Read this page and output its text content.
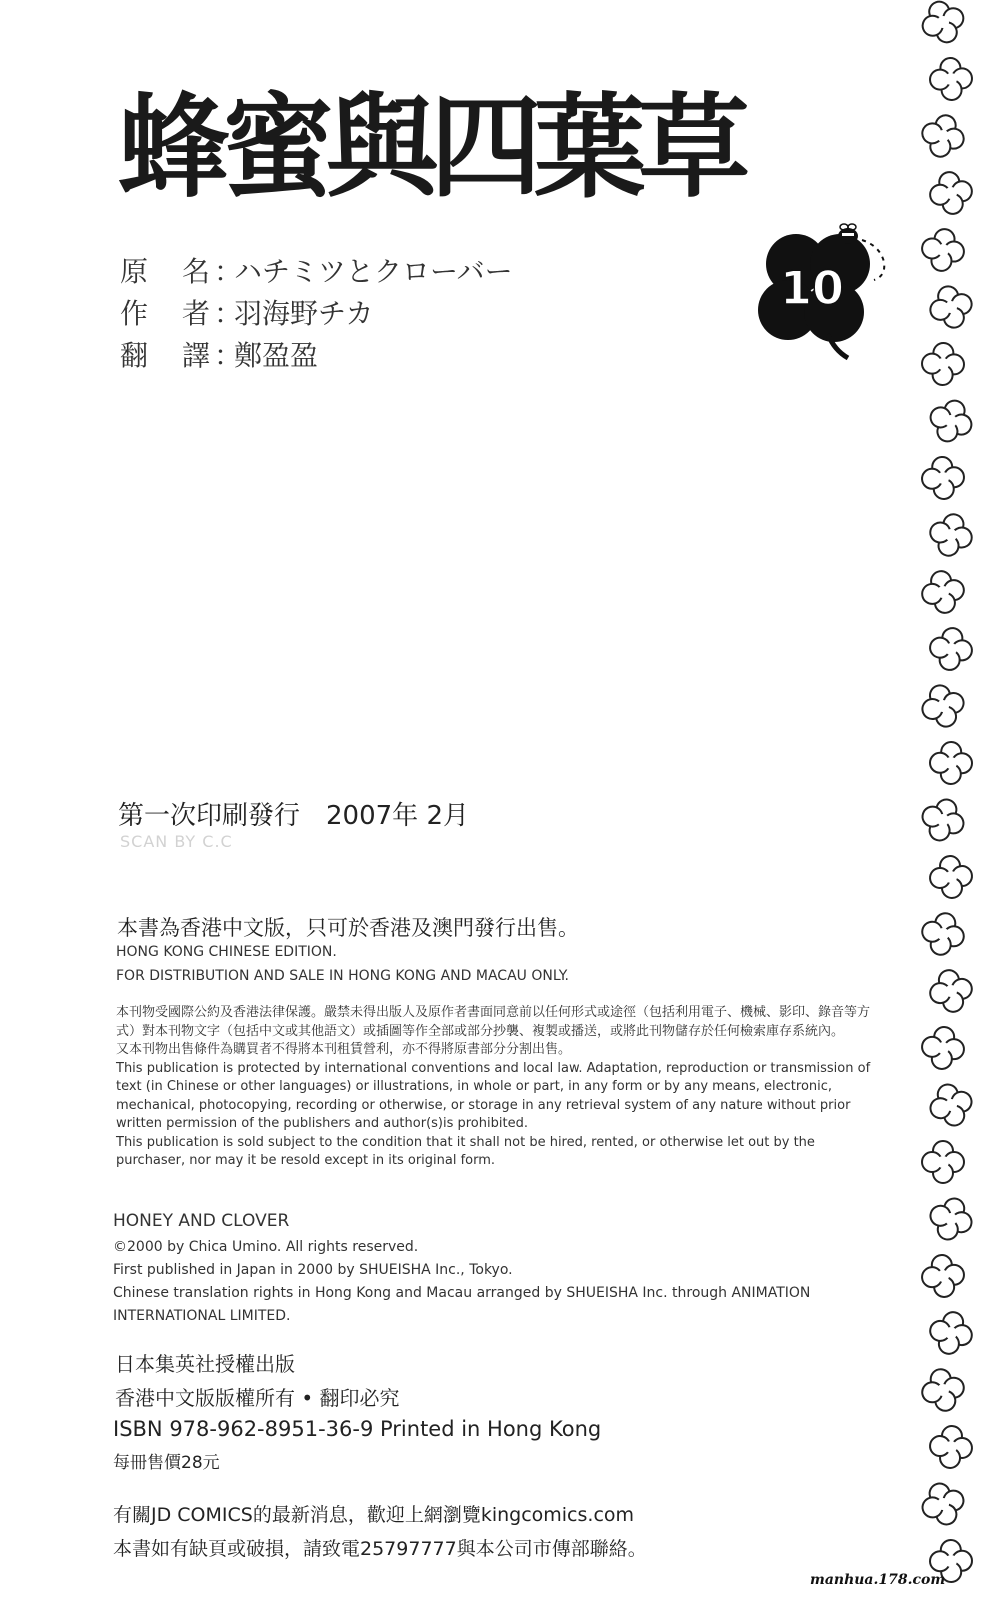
蜂蜜與四葉草
原	名 ：
ハチミツとクローバー
作	者 ：
羽海野チカ
翻	譯 ：
鄭盈盈
10
第一次印刷發行 2007年 2月
SCAN BY C.C
本書為香港中文版，只可於香港及澳門發行出售。
HONG KONG CHINESE EDITION.
FOR DISTRIBUTION AND SALE IN HONG KONG AND MACAU ONLY.

本刊物受國際公約及香港法律保護。嚴禁未得出版人及原作者書面同意前以任何形式或途徑（包括利用電子、機械、影印、錄音等方式）對本刊物文字（包括中文或其他語文）或插圖等作全部或部分抄襲、複製或播送，或將此刊物儲存於任何檢索庫存系統內。

又本刊物出售條件為購買者不得將本刊租賃營利，亦不得將原書部分分割出售。

This publication is protected by international conventions and local law. Adaptation, reproduction or transmission of text (in Chinese or other languages) or illustrations, in whole or part, in any form or by any means, electronic, mechanical, photocopying, recording or otherwise, or storage in any retrieval system of any nature without prior written permission of the publishers and author(s)is prohibited.

This publication is sold subject to the condition that it shall not be hired, rented, or otherwise let out by the purchaser, nor may it be resold except in its original form.

HONEY AND CLOVER

©2000 by Chica Umino. All rights reserved.

First published in Japan in 2000 by SHUEISHA Inc., Tokyo.

Chinese translation rights in Hong Kong and Macau arranged by SHUEISHA Inc. through ANIMATION INTERNATIONAL LIMITED.

日本集英社授權出版
香港中文版版權所有 • 翻印必究
ISBN 978-962-8951-36-9 Printed in Hong Kong
每冊售價28元
有關JD COMICS的最新消息，歡迎上網瀏覽kingcomics.com
本書如有缺頁或破損，請致電25797777與本公司市傳部聯絡。
manhua.178.com
